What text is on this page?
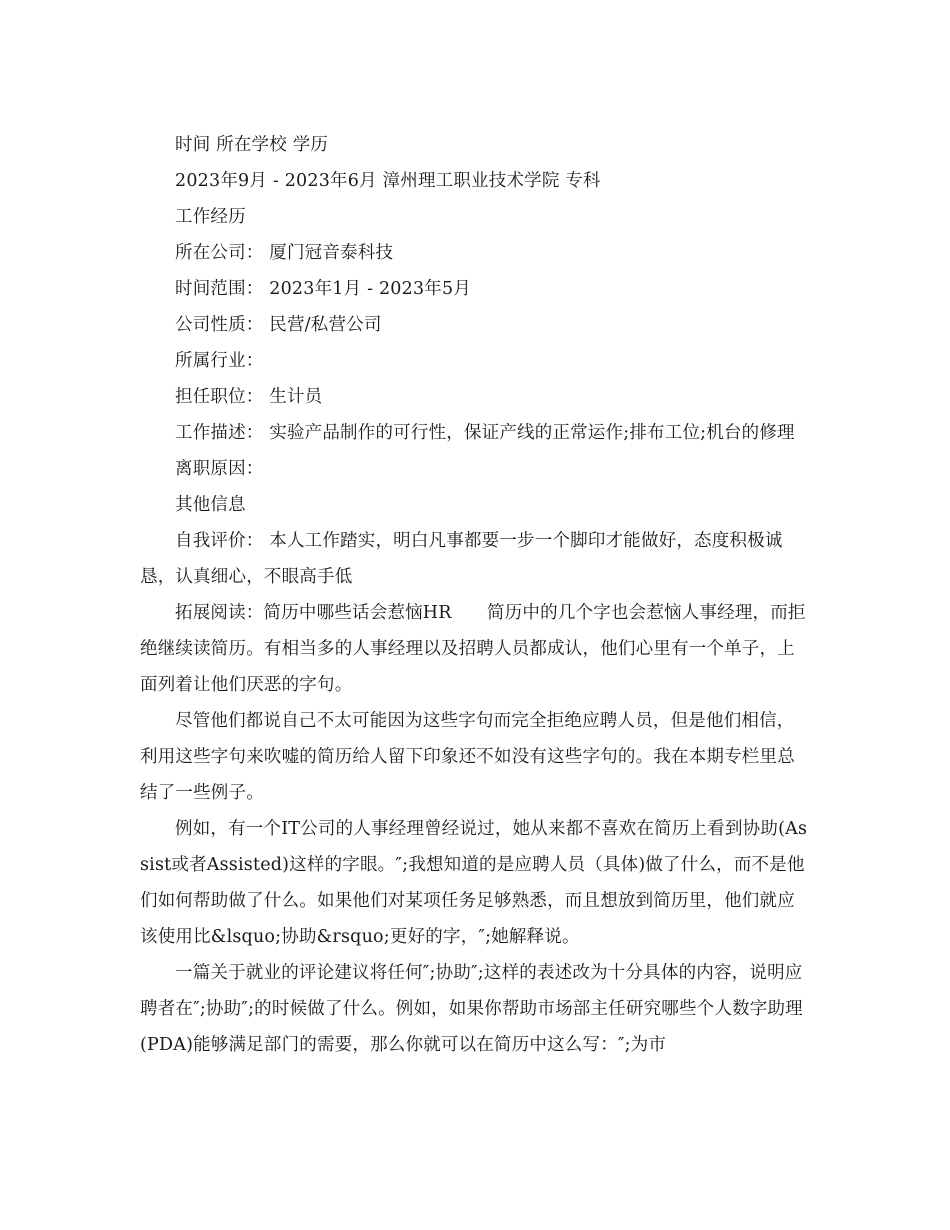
时间 所在学校 学历

2023年9月 - 2023年6月 漳州理工职业技术学院 专科

工作经历

所在公司： 厦门冠音泰科技

时间范围： 2023年1月 - 2023年5月

公司性质： 民营/私营公司

所属行业：

担任职位： 生计员

工作描述： 实验产品制作的可行性，保证产线的正常运作;排布工位;机台的修理

离职原因：

其他信息

自我评价： 本人工作踏实，明白凡事都要一步一个脚印才能做好，态度积极诚恳，认真细心，不眼高手低

拓展阅读：简历中哪些话会惹恼HR　　简历中的几个字也会惹恼人事经理，而拒绝继续读简历。有相当多的人事经理以及招聘人员都成认，他们心里有一个单子，上面列着让他们厌恶的字句。

尽管他们都说自己不太可能因为这些字句而完全拒绝应聘人员，但是他们相信，利用这些字句来吹嘘的简历给人留下印象还不如没有这些字句的。我在本期专栏里总结了一些例子。

例如，有一个IT公司的人事经理曾经说过，她从来都不喜欢在简历上看到协助(Assist或者Assisted)这样的字眼。″;我想知道的是应聘人员（具体)做了什么，而不是他们如何帮助做了什么。如果他们对某项任务足够熟悉，而且想放到简历里，他们就应该使用比&lsquo;协助&rsquo;更好的字，″;她解释说。

一篇关于就业的评论建议将任何″;协助″;这样的表述改为十分具体的内容，说明应聘者在″;协助″;的时候做了什么。例如，如果你帮助市场部主任研究哪些个人数字助理(PDA)能够满足部门的需要，那么你就可以在简历中这么写：″;为市
